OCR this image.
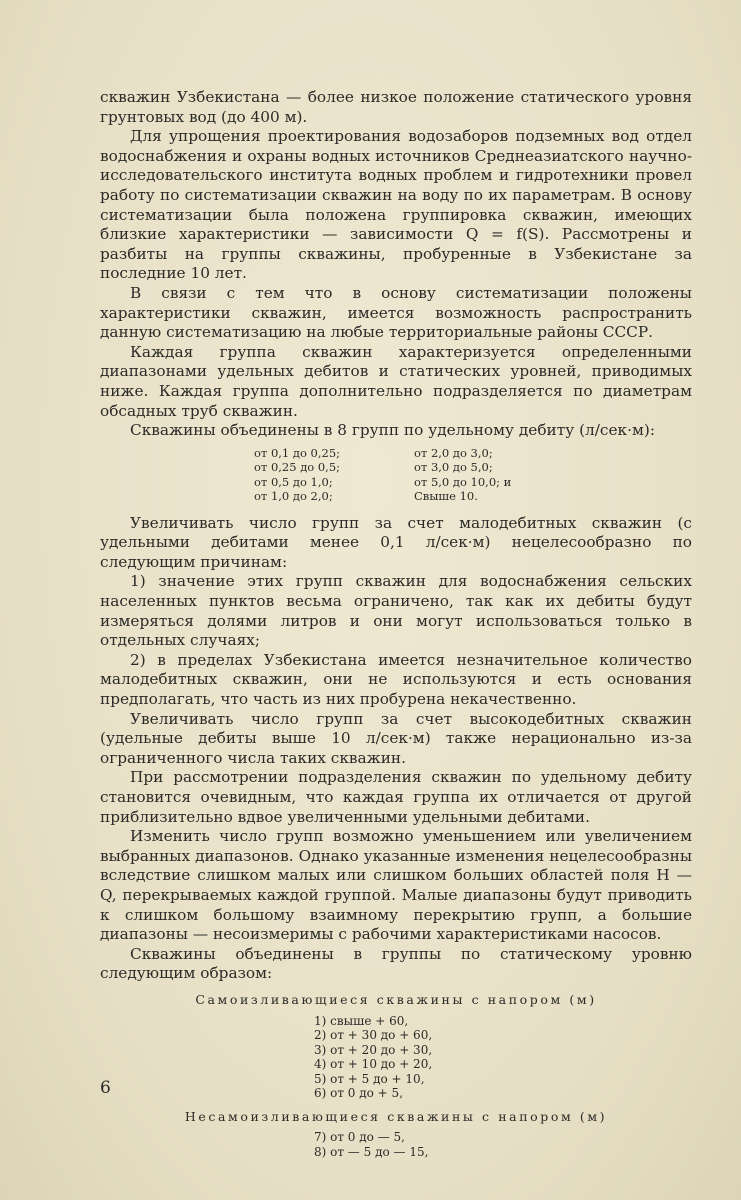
скважин Узбекистана — более низкое положение статического уровня грунтовых вод (до 400 м).

Для упрощения проектирования водозаборов подземных вод отдел водоснабжения и охраны водных источников Среднеазиатского научно-исследовательского института водных проблем и гидротехники провел работу по систематизации скважин на воду по их параметрам. В основу систематизации была положена группировка скважин, имеющих близкие характеристики — зависимости Q = f(S). Рассмотрены и разбиты на группы скважины, пробуренные в Узбекистане за последние 10 лет.

В связи с тем что в основу систематизации положены характеристики скважин, имеется возможность распространить данную систематизацию на любые территориальные районы СССР.

Каждая группа скважин характеризуется определенными диапазонами удельных дебитов и статических уровней, приводимых ниже. Каждая группа дополнительно подразделяется по диаметрам обсадных труб скважин.

Скважины объединены в 8 групп по удельному дебиту (л/сек·м):

от 0,1 до 0,25;	от 2,0 до 3,0;
от 0,25 до 0,5;	от 3,0 до 5,0;
от 0,5 до 1,0;	от 5,0 до 10,0; и
от 1,0 до 2,0;	Свыше 10.

Увеличивать число групп за счет малодебитных скважин (с удельными дебитами менее 0,1 л/сек·м) нецелесообразно по следующим причинам:

1) значение этих групп скважин для водоснабжения сельских населенных пунктов весьма ограничено, так как их дебиты будут измеряться долями литров и они могут использоваться только в отдельных случаях;

2) в пределах Узбекистана имеется незначительное количество малодебитных скважин, они не используются и есть основания предполагать, что часть из них пробурена некачественно.

Увеличивать число групп за счет высокодебитных скважин (удельные дебиты выше 10 л/сек·м) также нерационально из-за ограниченного числа таких скважин.

При рассмотрении подразделения скважин по удельному дебиту становится очевидным, что каждая группа их отличается от другой приблизительно вдвое увеличенными удельными дебитами.

Изменить число групп возможно уменьшением или увеличением выбранных диапазонов. Однако указанные изменения нецелесообразны вследствие слишком малых или слишком больших областей поля H — Q, перекрываемых каждой группой. Малые диапазоны будут приводить к слишком большому взаимному перекрытию групп, а большие диапазоны — несоизмеримы с рабочими характеристиками насосов.

Скважины объединены в группы по статическому уровню следующим образом:

Самоизливающиеся скважины с напором (м)
1) свыше + 60,
2) от + 30 до + 60,
3) от + 20 до + 30,
4) от + 10 до + 20,
5) от + 5 до + 10,
6) от 0 до + 5,
Несамоизливающиеся скважины с напором (м)
7) от 0 до — 5,
8) от — 5 до — 15,
6
